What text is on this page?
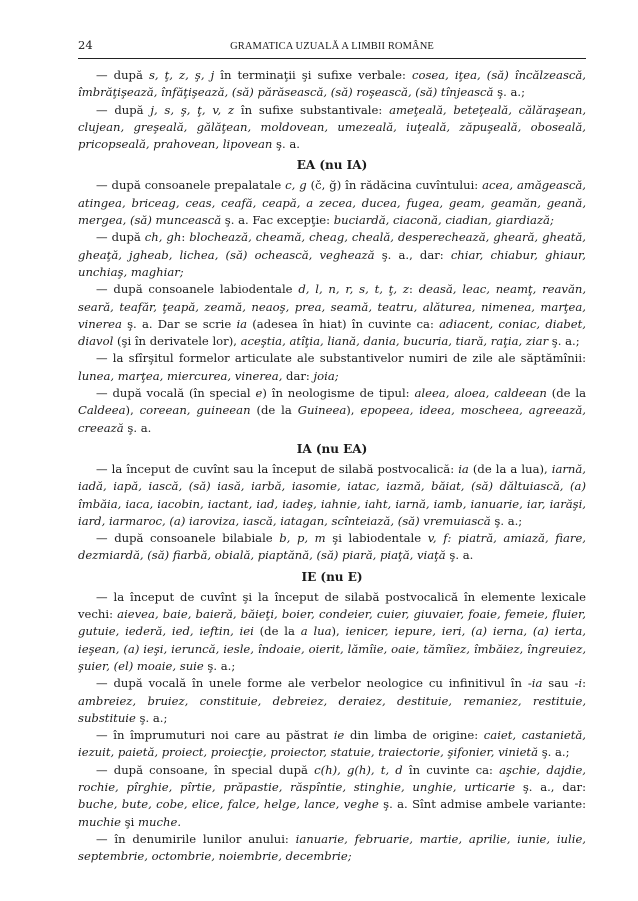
24	GRAMATICA UZUALĂ A LIMBII ROMÂNE

— după s, ţ, z, ş, j în terminaţii şi sufixe verbale: cosea, iţea, (să) încălzească, îmbrăţişează, înfăţişează, (să) părăsească, (să) roşească, (să) tînjească ş. a.;

— după j, s, ş, ţ, v, z în sufixe substantivale: ameţeală, beteţeală, călăraşean, clujean, greşeală, gălăţean, moldovean, umezeală, iuţeală, zăpuşeală, oboseală, pricopseală, prahovean, lipovean ş. a.

EA (nu IA)

— după consoanele prepalatale c, g (č, ğ) în rădăcina cuvîntului: acea, amăgească, atingea, briceag, ceas, ceafă, ceapă, a zecea, ducea, fugea, geam, geamăn, geană, mergea, (să) muncească ş. a. Fac excepţie: buciardă, ciaconă, ciadian, giardiază;

— după ch, gh: blochează, cheamă, cheag, cheală, desperechează, gheară, gheată, gheaţă, jgheab, lichea, (să) ochească, veghează ş. a., dar: chiar, chiabur, ghiaur, unchiaş, maghiar;

— după consoanele labiodentale d, l, n, r, s, t, ţ, z: deasă, leac, neamţ, reavăn, seară, teafăr, ţeapă, zeamă, neaoş, prea, seamă, teatru, alăturea, nimenea, marţea, vinerea ş. a. Dar se scrie ia (adesea în hiat) în cuvinte ca: adiacent, coniac, diabet, diavol (şi în derivatele lor), aceştia, atîţia, liană, dania, bucuria, tiară, raţia, ziar ş. a.;

— la sfîrşitul formelor articulate ale substantivelor numiri de zile ale săptămînii: lunea, marţea, miercurea, vinerea, dar: joia;

— după vocală (în special e) în neologisme de tipul: aleea, aloea, caldeean (de la Caldeea), coreean, guineean (de la Guineea), epopeea, ideea, moscheea, agreează, creează ş. a.

IA (nu EA)

— la început de cuvînt sau la început de silabă postvocalică: ia (de la a lua), iarnă, iadă, iapă, iască, (să) iasă, iarbă, iasomie, iatac, iazmă, băiat, (să) dăltuiască, (a) îmbăia, iaca, iacobin, iactant, iad, iadeş, iahnie, iaht, iarnă, iamb, ianuarie, iar, iarăşi, iard, iarmaroc, (a) iaroviza, iască, iatagan, scînteiază, (să) vremuiască ş. a.;

— după consoanele bilabiale b, p, m şi labiodentale v, f: piatră, amiază, fiare, dezmiardă, (să) fiarbă, obială, piaptănă, (să) piară, piaţă, viaţă ş. a.

IE (nu E)

— la început de cuvînt şi la început de silabă postvocalică în elemente lexicale vechi: aievea, baie, baieră, băieţi, boier, condeier, cuier, giuvaier, foaie, femeie, fluier, gutuie, iederă, ied, ieftin, iei (de la a lua), ienicer, iepure, ieri, (a) ierna, (a) ierta, ieşean, (a) ieşi, ieruncă, iesle, îndoaie, oierit, lămîie, oaie, tămîiez, îmbăiez, îngreuiez, şuier, (el) moaie, suie ş. a.;

— după vocală în unele forme ale verbelor neologice cu infinitivul în -ia sau -i: ambreiez, bruiez, constituie, debreiez, deraiez, destituie, remaniez, restituie, substituie ş. a.;

— în împrumuturi noi care au păstrat ie din limba de origine: caiet, castanietă, iezuit, paietă, proiect, proiecţie, proiector, statuie, traiectorie, şifonier, vinietă ş. a.;

— după consoane, în special după c(h), g(h), t, d în cuvinte ca: aşchie, dajdie, rochie, pîrghie, pîrtie, prăpastie, răspîntie, stinghie, unghie, urticarie ş. a., dar: buche, bute, cobe, elice, falce, helge, lance, veghe ş. a. Sînt admise ambele variante: muchie şi muche.

— în denumirile lunilor anului: ianuarie, februarie, martie, aprilie, iunie, iulie, septembrie, octombrie, noiembrie, decembrie;
